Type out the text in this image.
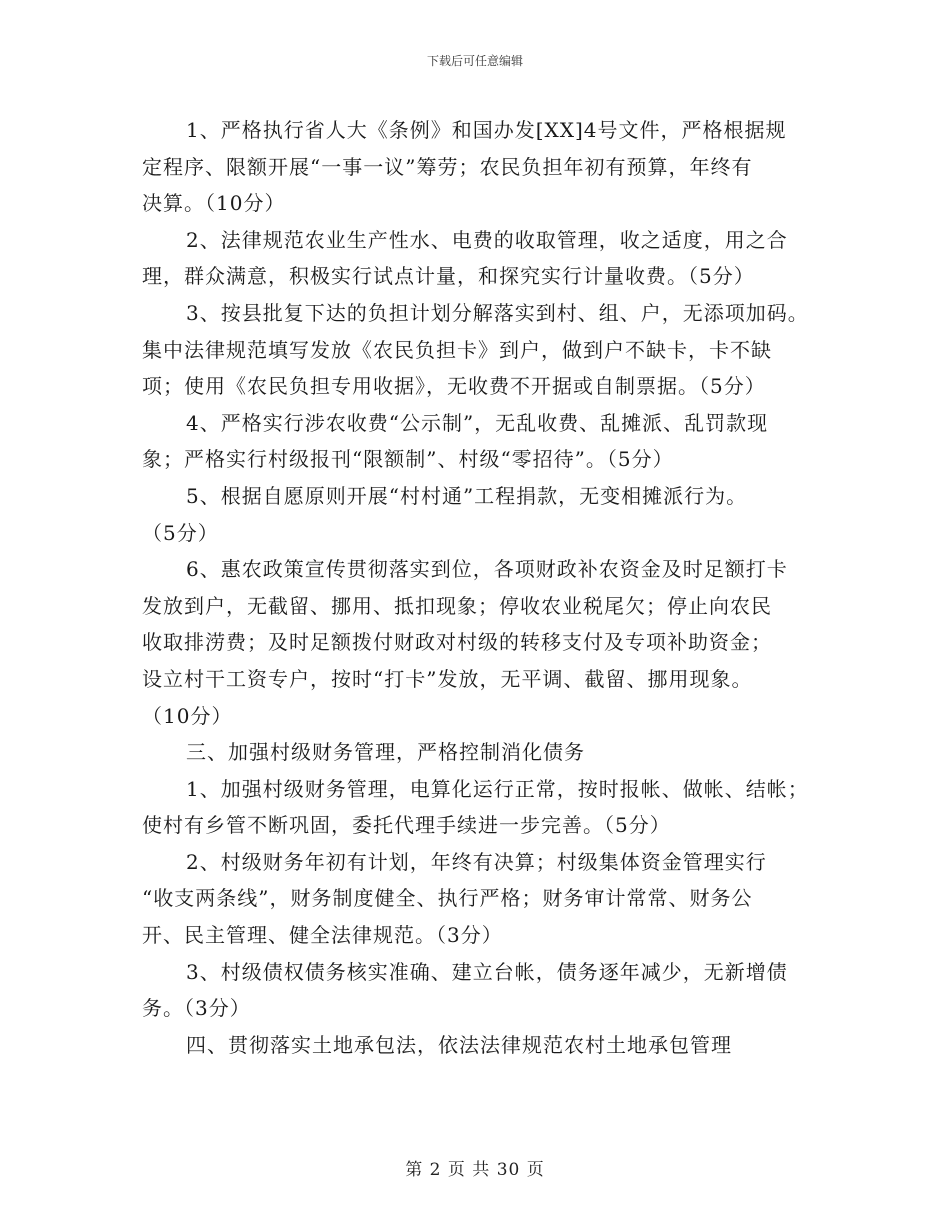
下载后可任意编辑
1、严格执行省人大《条例》和国办发[XX]4号文件，严格根据规
定程序、限额开展“一事一议”筹劳；农民负担年初有预算，年终有
决算。（10分）
2、法律规范农业生产性水、电费的收取管理，收之适度，用之合
理，群众满意，积极实行试点计量，和探究实行计量收费。（5分）
3、按县批复下达的负担计划分解落实到村、组、户，无添项加码。
集中法律规范填写发放《农民负担卡》到户，做到户不缺卡，卡不缺
项；使用《农民负担专用收据》，无收费不开据或自制票据。（5分）
4、严格实行涉农收费“公示制”，无乱收费、乱摊派、乱罚款现
象；严格实行村级报刊“限额制”、村级“零招待”。（5分）
5、根据自愿原则开展“村村通”工程捐款，无变相摊派行为。
（5分）
6、惠农政策宣传贯彻落实到位，各项财政补农资金及时足额打卡
发放到户，无截留、挪用、抵扣现象；停收农业税尾欠；停止向农民
收取排涝费；及时足额拨付财政对村级的转移支付及专项补助资金；
设立村干工资专户，按时“打卡”发放，无平调、截留、挪用现象。
（10分）
三、加强村级财务管理，严格控制消化债务
1、加强村级财务管理，电算化运行正常，按时报帐、做帐、结帐；
使村有乡管不断巩固，委托代理手续进一步完善。（5分）
2、村级财务年初有计划，年终有决算；村级集体资金管理实行
“收支两条线”，财务制度健全、执行严格；财务审计常常、财务公
开、民主管理、健全法律规范。（3分）
3、村级债权债务核实准确、建立台帐，债务逐年减少，无新增债
务。（3分）
四、贯彻落实土地承包法，依法法律规范农村土地承包管理
第 2 页 共 30 页
